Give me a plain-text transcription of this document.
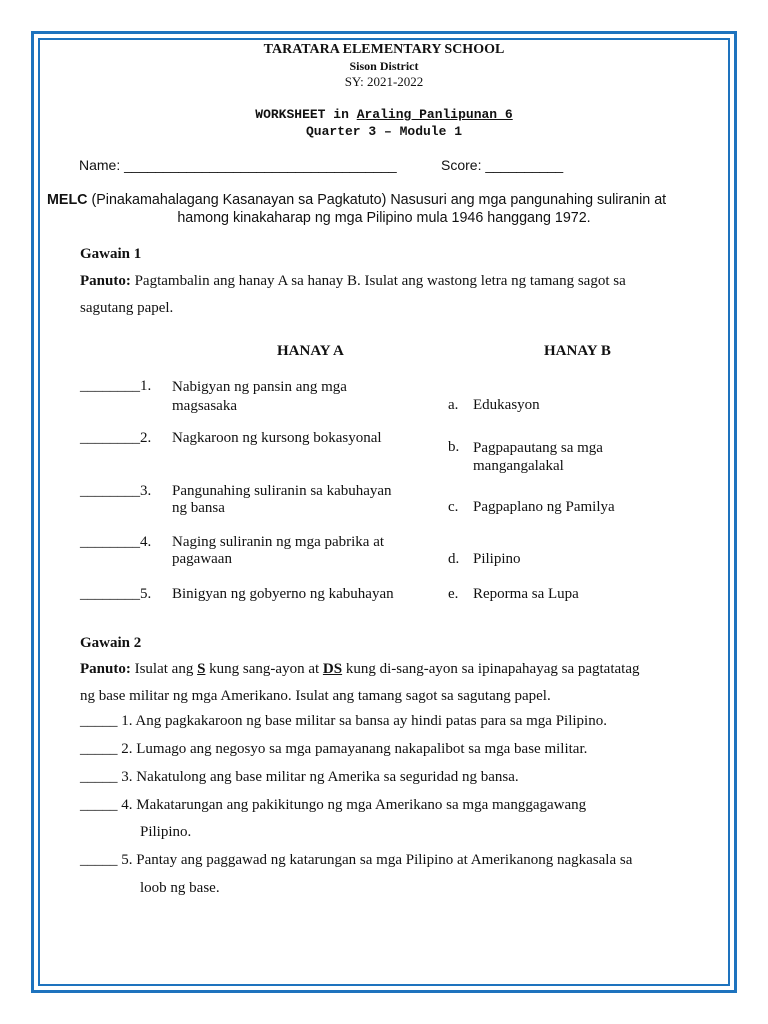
TARATARA ELEMENTARY SCHOOL
Sison District
SY: 2021-2022
WORKSHEET in Araling Panlipunan 6
Quarter 3 – Module 1
Name: ___________________________________	Score: __________
MELC (Pinakamahalagang Kasanayan sa Pagkatuto) Nasusuri ang mga pangunahing suliranin at
hamong kinakaharap ng mga Pilipino mula 1946 hanggang 1972.
Gawain 1
Panuto: Pagtambalin ang hanay A sa hanay B. Isulat ang wastong letra ng tamang sagot sa
sagutang papel.
HANAY A	HANAY B
________1. Nabigyan ng pansin ang mga
magsasaka
________2. Nagkaroon ng kursong bokasyonal
________3. Pangunahing suliranin sa kabuhayan
ng bansa
________4. Naging suliranin ng mga pabrika at
pagawaan
________5. Binigyan ng gobyerno ng kabuhayan
a. Edukasyon
b. Pagpapautang sa mga
mangangalakal
c. Pagpaplano ng Pamilya
d. Pilipino
e. Reporma sa Lupa
Gawain 2
Panuto: Isulat ang S kung sang-ayon at DS kung di-sang-ayon sa ipinapahayag sa pagtatatag
ng base militar ng mga Amerikano. Isulat ang tamang sagot sa sagutang papel.
_____ 1. Ang pagkakaroon ng base militar sa bansa ay hindi patas para sa mga Pilipino.
_____ 2. Lumago ang negosyo sa mga pamayanang nakapalibot sa mga base militar.
_____ 3. Nakatulong ang base militar ng Amerika sa seguridad ng bansa.
_____ 4. Makatarungan ang pakikitungo ng mga Amerikano sa mga manggagawang
Pilipino.
_____ 5. Pantay ang paggawad ng katarungan sa mga Pilipino at Amerikanong nagkasala sa
loob ng base.
